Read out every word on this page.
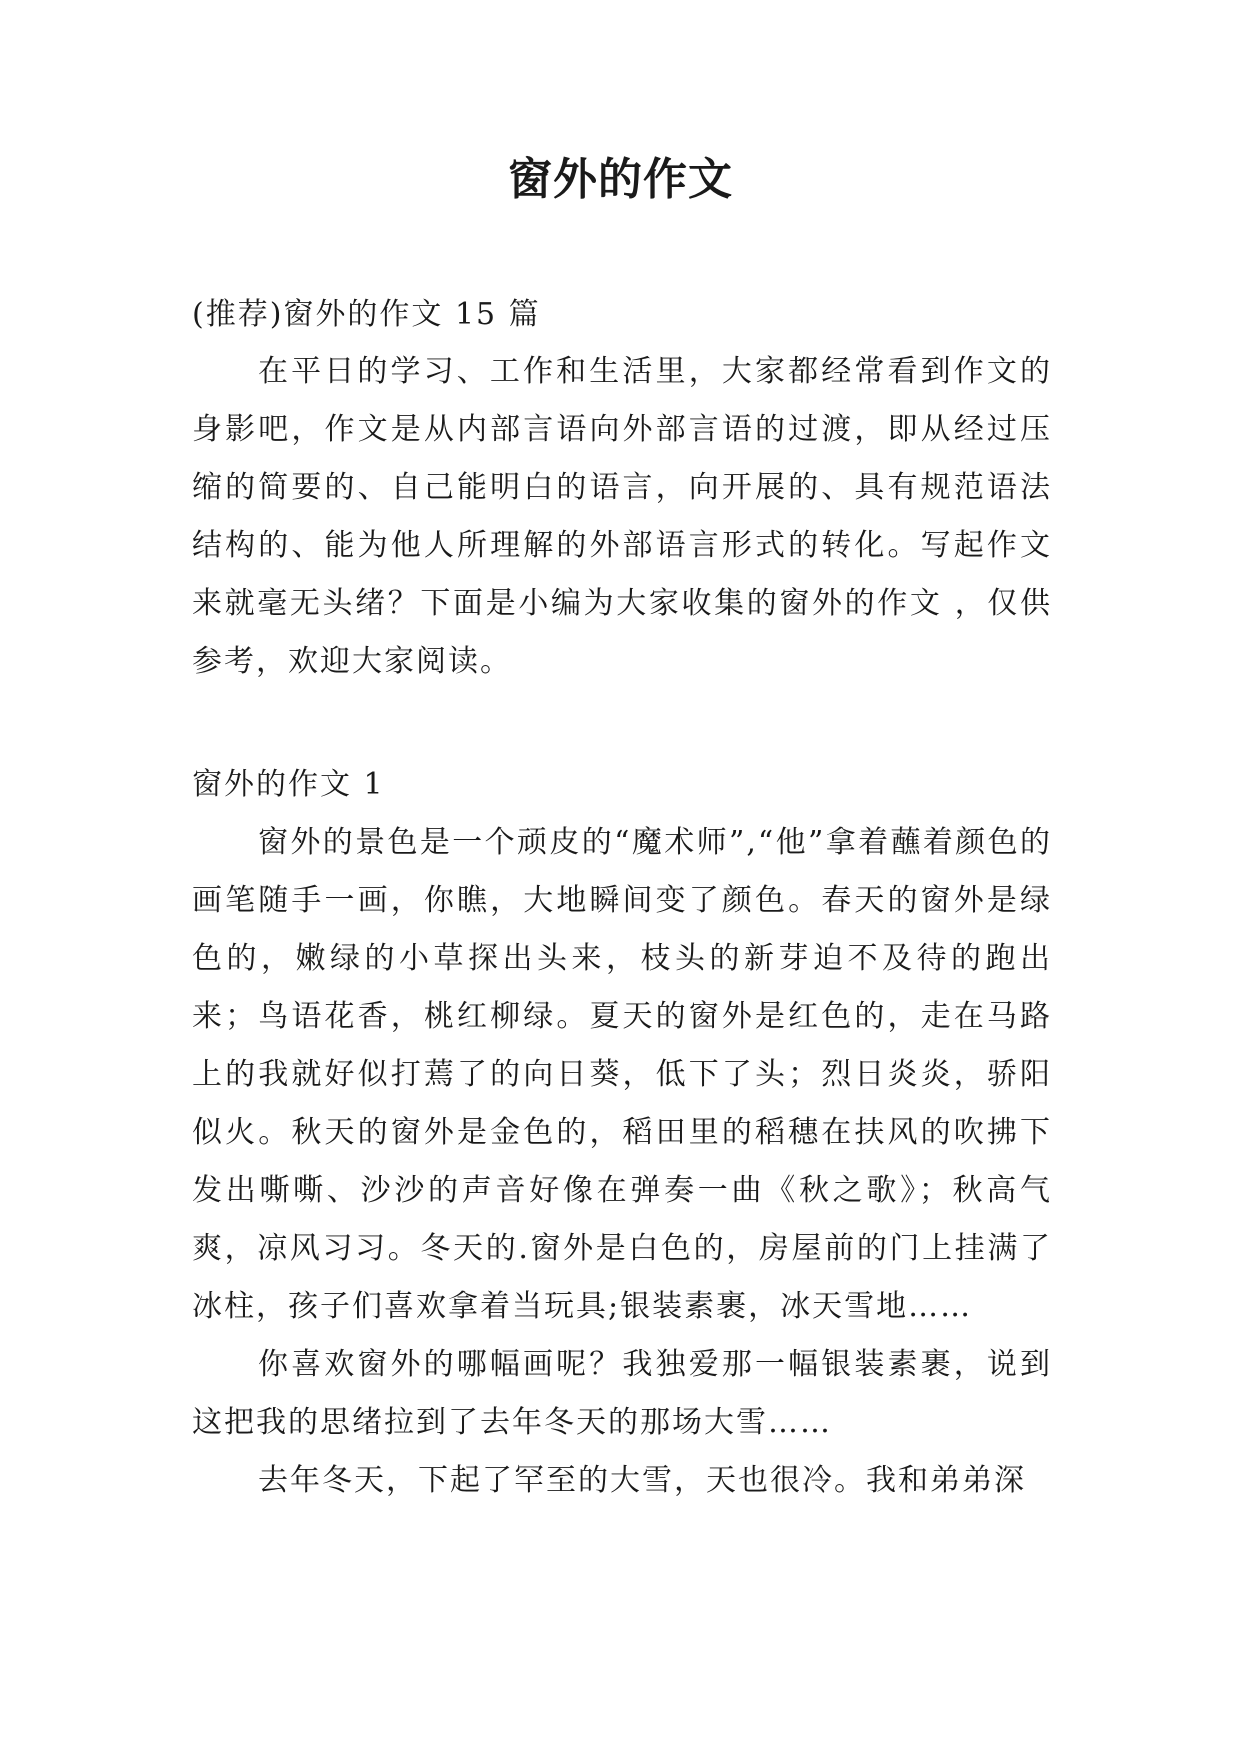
窗外的作文
(推荐)窗外的作文 15 篇

在平日的学习、工作和生活里，大家都经常看到作文的身影吧，作文是从内部言语向外部言语的过渡，即从经过压缩的简要的、自己能明白的语言，向开展的、具有规范语法结构的、能为他人所理解的外部语言形式的转化。写起作文来就毫无头绪？下面是小编为大家收集的窗外的作文 ，仅供参考，欢迎大家阅读。

窗外的作文 1

窗外的景色是一个顽皮的“魔术师”,“他”拿着蘸着颜色的画笔随手一画，你瞧，大地瞬间变了颜色。春天的窗外是绿色的，嫩绿的小草探出头来，枝头的新芽迫不及待的跑出来；鸟语花香，桃红柳绿。夏天的窗外是红色的，走在马路上的我就好似打蔫了的向日葵，低下了头；烈日炎炎，骄阳似火。秋天的窗外是金色的，稻田里的稻穗在扶风的吹拂下发出嘶嘶、沙沙的声音好像在弹奏一曲《秋之歌》；秋高气爽，凉风习习。冬天的.窗外是白色的，房屋前的门上挂满了冰柱，孩子们喜欢拿着当玩具;银装素裹，冰天雪地……

你喜欢窗外的哪幅画呢？我独爱那一幅银装素裹，说到这把我的思绪拉到了去年冬天的那场大雪……

去年冬天，下起了罕至的大雪，天也很冷。我和弟弟深
